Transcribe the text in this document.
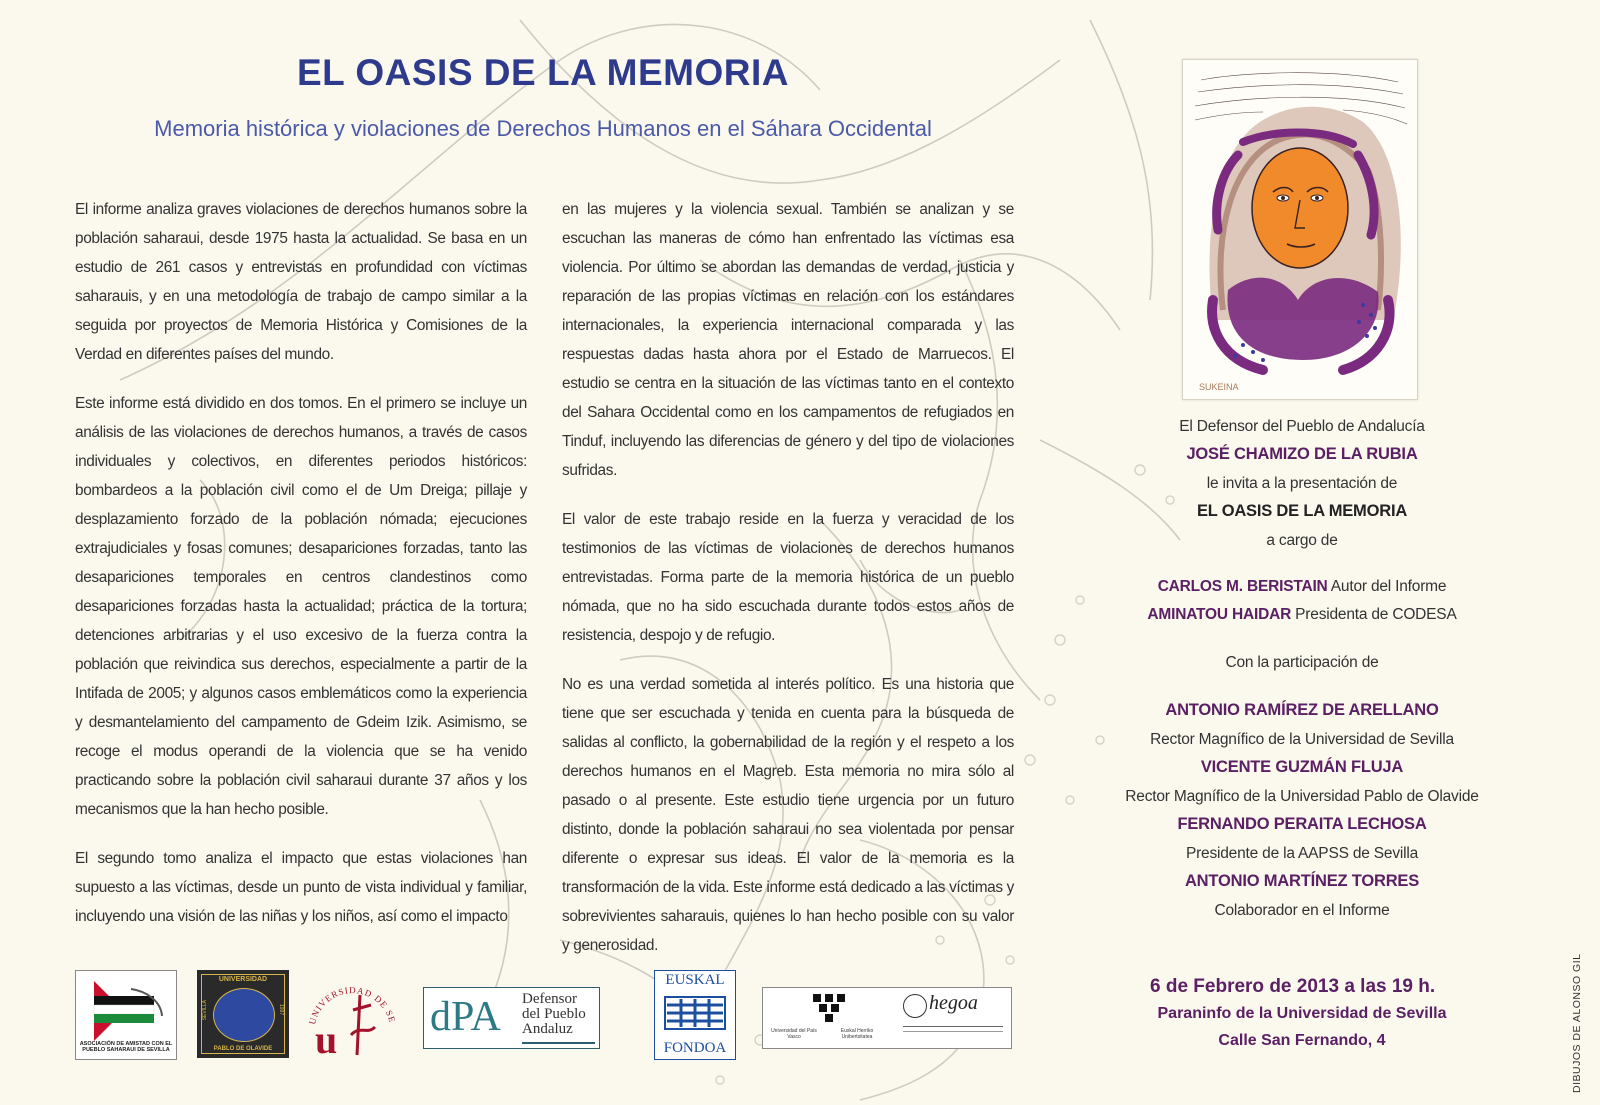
EL OASIS DE LA MEMORIA
Memoria histórica y violaciones de Derechos Humanos en el Sáhara Occidental

El informe analiza graves violaciones de derechos humanos sobre la población saharaui, desde 1975 hasta la actualidad. Se basa en un estudio de 261 casos y entrevistas en profundidad con víctimas saharauis, y en una metodología de trabajo de campo similar a la seguida por proyectos de Memoria Histórica y Comisiones de la Verdad en diferentes países del mundo.

Este informe está dividido en dos tomos. En el primero se incluye un análisis de las violaciones de derechos humanos, a través de casos individuales y colectivos, en diferentes periodos históricos: bombardeos a la población civil como el de Um Dreiga; pillaje y desplazamiento forzado de la población nómada; ejecuciones extrajudiciales y fosas comunes; desapariciones forzadas, tanto las desapariciones temporales en centros clandestinos como desapariciones forzadas hasta la actualidad; práctica de la tortura; detenciones arbitrarias y el uso excesivo de la fuerza contra la población que reivindica sus derechos, especialmente a partir de la Intifada de 2005; y algunos casos emblemáticos como la experiencia y desmantelamiento del campamento de Gdeim Izik. Asimismo, se recoge el modus operandi de la violencia que se ha venido practicando sobre la población civil saharaui durante 37 años y los mecanismos que la han hecho posible.

El segundo tomo analiza el impacto que estas violaciones han supuesto a las víctimas, desde un punto de vista individual y familiar, incluyendo una visión de las niñas y los niños, así como el impacto

en las mujeres y la violencia sexual. También se analizan y se escuchan las maneras de cómo han enfrentado las víctimas esa violencia. Por último se abordan las demandas de verdad, justicia y reparación de las propias víctimas en relación con los estándares internacionales, la experiencia internacional comparada y las respuestas dadas hasta ahora por el Estado de Marruecos. El estudio se centra en la situación de las víctimas tanto en el contexto del Sahara Occidental como en los campamentos de refugiados en Tinduf, incluyendo las diferencias de género y del tipo de violaciones sufridas.

El valor de este trabajo reside en la fuerza y veracidad de los testimonios de las víctimas de violaciones de derechos humanos entrevistadas. Forma parte de la memoria histórica de un pueblo nómada, que no ha sido escuchada durante todos estos años de resistencia, despojo y de refugio.

No es una verdad sometida al interés político. Es una historia que tiene que ser escuchada y tenida en cuenta para la búsqueda de salidas al conflicto, la gobernabilidad de la región y el respeto a los derechos humanos en el Magreb. Esta memoria no mira sólo al pasado o al presente. Este estudio tiene urgencia por un futuro distinto, donde la población saharaui no sea violentada por pensar diferente o expresar sus ideas. El valor de la memoria es la transformación de la vida. Este informe está dedicado a las víctimas y sobrevivientes saharauis, quienes lo han hecho posible con su valor y generosidad.

SUKEINA
El Defensor del Pueblo de Andalucía
JOSÉ CHAMIZO DE LA RUBIA
le invita a la presentación de
EL OASIS DE LA MEMORIA
a cargo de
CARLOS M. BERISTAIN Autor del Informe
AMINATOU HAIDAR Presidenta de CODESA
Con la participación de
ANTONIO RAMÍREZ DE ARELLANO
Rector Magnífico de la Universidad de Sevilla
VICENTE GUZMÁN FLUJA
Rector Magnífico de la Universidad Pablo de Olavide
FERNANDO PERAITA LECHOSA
Presidente de la AAPSS de Sevilla
ANTONIO MARTÍNEZ TORRES
Colaborador en el Informe
6 de Febrero de 2013 a las 19 h.
Paraninfo de la Universidad de Sevilla
Calle San Fernando, 4	DIBUJOS DE ALONSO GIL
ASOCIACIÓN DE AMISTAD CON EL PUEBLO SAHARAUI DE SEVILLA
UNIVERSIDAD
SEVILLA	1997
PABLO DE OLAVIDE
UNIVERSIDAD DE SE
u dPA Defensor
del Pueblo
Andaluz
EUSKAL
FONDOA
Universidad del País Vasco
Euskal Herriko Unibertsitatea
hegoa
